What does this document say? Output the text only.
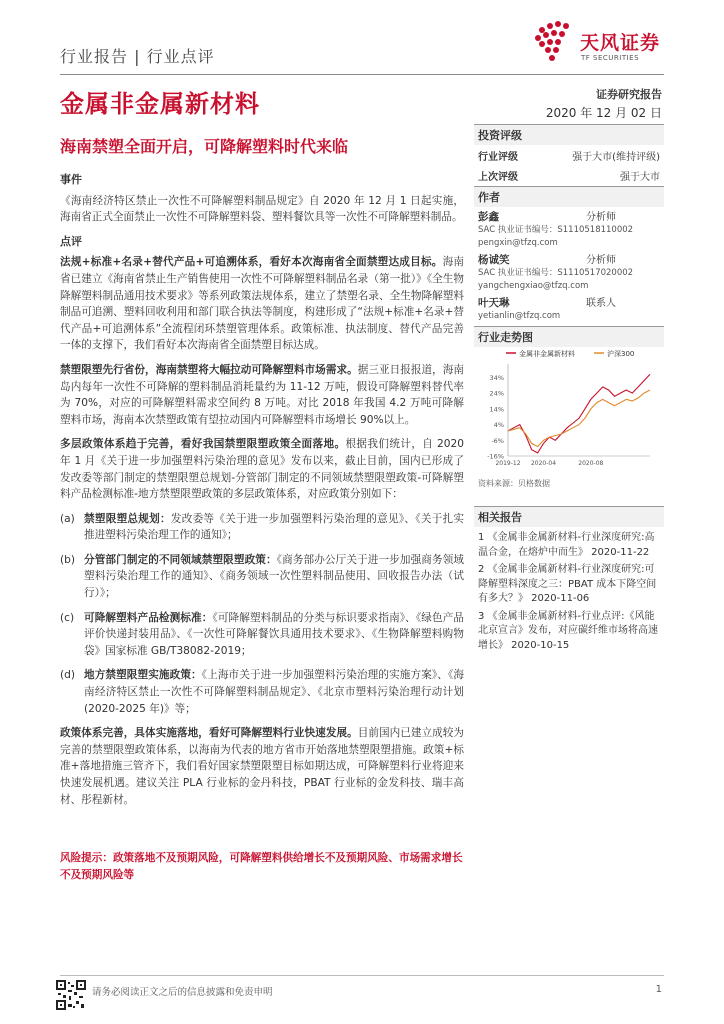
行业报告 | 行业点评
天风证券
TF SECURITIES
金属非金属新材料	证券研究报告
2020 年 12 月 02 日
海南禁塑全面开启，可降解塑料时代来临
事件

《海南经济特区禁止一次性不可降解塑料制品规定》自 2020 年 12 月 1 日起实施，海南省正式全面禁止一次性不可降解塑料袋、塑料餐饮具等一次性不可降解塑料制品。

点评

法规+标准+名录+替代产品+可追溯体系，看好本次海南省全面禁塑达成目标。海南省已建立《海南省禁止生产销售使用一次性不可降解塑料制品名录（第一批）》《全生物降解塑料制品通用技术要求》等系列政策法规体系，建立了禁塑名录、全生物降解塑料制品可追溯、塑料回收利用和部门联合执法等制度，构建形成了“法规+标准+名录+替代产品+可追溯体系”全流程闭环禁塑管理体系。政策标准、执法制度、替代产品完善一体的支撑下，我们看好本次海南省全面禁塑目标达成。

禁塑限塑先行省份，海南禁塑将大幅拉动可降解塑料市场需求。据三亚日报报道，海南岛内每年一次性不可降解的塑料制品消耗量约为 11-12 万吨，假设可降解塑料替代率为 70%，对应的可降解塑料需求空间约 8 万吨。对比 2018 年我国 4.2 万吨可降解塑料市场，海南本次禁塑政策有望拉动国内可降解塑料市场增长 90%以上。

多层政策体系趋于完善，看好我国禁塑限塑政策全面落地。根据我们统计，自 2020 年 1 月《关于进一步加强塑料污染治理的意见》发布以来，截止目前，国内已形成了发改委等部门制定的禁塑限塑总规划-分管部门制定的不同领域禁塑限塑政策-可降解塑料产品检测标准-地方禁塑限塑政策的多层政策体系，对应政策分别如下：

(a) 禁塑限塑总规划：发改委等《关于进一步加强塑料污染治理的意见》、《关于扎实推进塑料污染治理工作的通知》；
(b) 分管部门制定的不同领域禁塑限塑政策：《商务部办公厅关于进一步加强商务领域塑料污染治理工作的通知》、《商务领域一次性塑料制品使用、回收报告办法（试行）》；
(c) 可降解塑料产品检测标准：《可降解塑料制品的分类与标识要求指南》、《绿色产品评价快递封装用品》、《一次性可降解餐饮具通用技术要求》、《生物降解塑料购物袋》国家标准 GB/T38082-2019；
(d) 地方禁塑限塑实施政策：《上海市关于进一步加强塑料污染治理的实施方案》、《海南经济特区禁止一次性不可降解塑料制品规定》、《北京市塑料污染治理行动计划(2020-2025 年)》等；

政策体系完善，具体实施落地，看好可降解塑料行业快速发展。目前国内已建立成较为完善的禁塑限塑政策体系，以海南为代表的地方省市开始落地禁塑限塑措施。政策+标准+落地措施三管齐下，我们看好国家禁塑限塑目标如期达成，可降解塑料行业将迎来快速发展机遇。建议关注 PLA 行业标的金丹科技，PBAT 行业标的金发科技、瑞丰高材、彤程新材。

风险提示：政策落地不及预期风险，可降解塑料供给增长不及预期风险、市场需求增长不及预期风险等
投资评级
行业评级	强于大市(维持评级)
上次评级	强于大市
作者
彭鑫	分析师
SAC 执业证书编号：S1110518110002
pengxin@tfzq.com
杨诚笑	分析师
SAC 执业证书编号：S1110517020002
yangchengxiao@tfzq.com
叶天琳	联系人
yetianlin@tfzq.com
行业走势图
金属非金属新材料	沪深300
34%
24%
14%
4%
-6%
-16%
2019-12 2020-04	2020-08
资料来源：贝格数据
相关报告
1 《金属非金属新材料-行业深度研究:高温合金，在熔炉中而生》 2020-11-22
2 《金属非金属新材料-行业深度研究:可降解塑料深度之三：PBAT 成本下降空间有多大？》 2020-11-06
3 《金属非金属新材料-行业点评:《风能北京宣言》发布，对应碳纤维市场将高速增长》 2020-10-15
请务必阅读正文之后的信息披露和免责申明	1
